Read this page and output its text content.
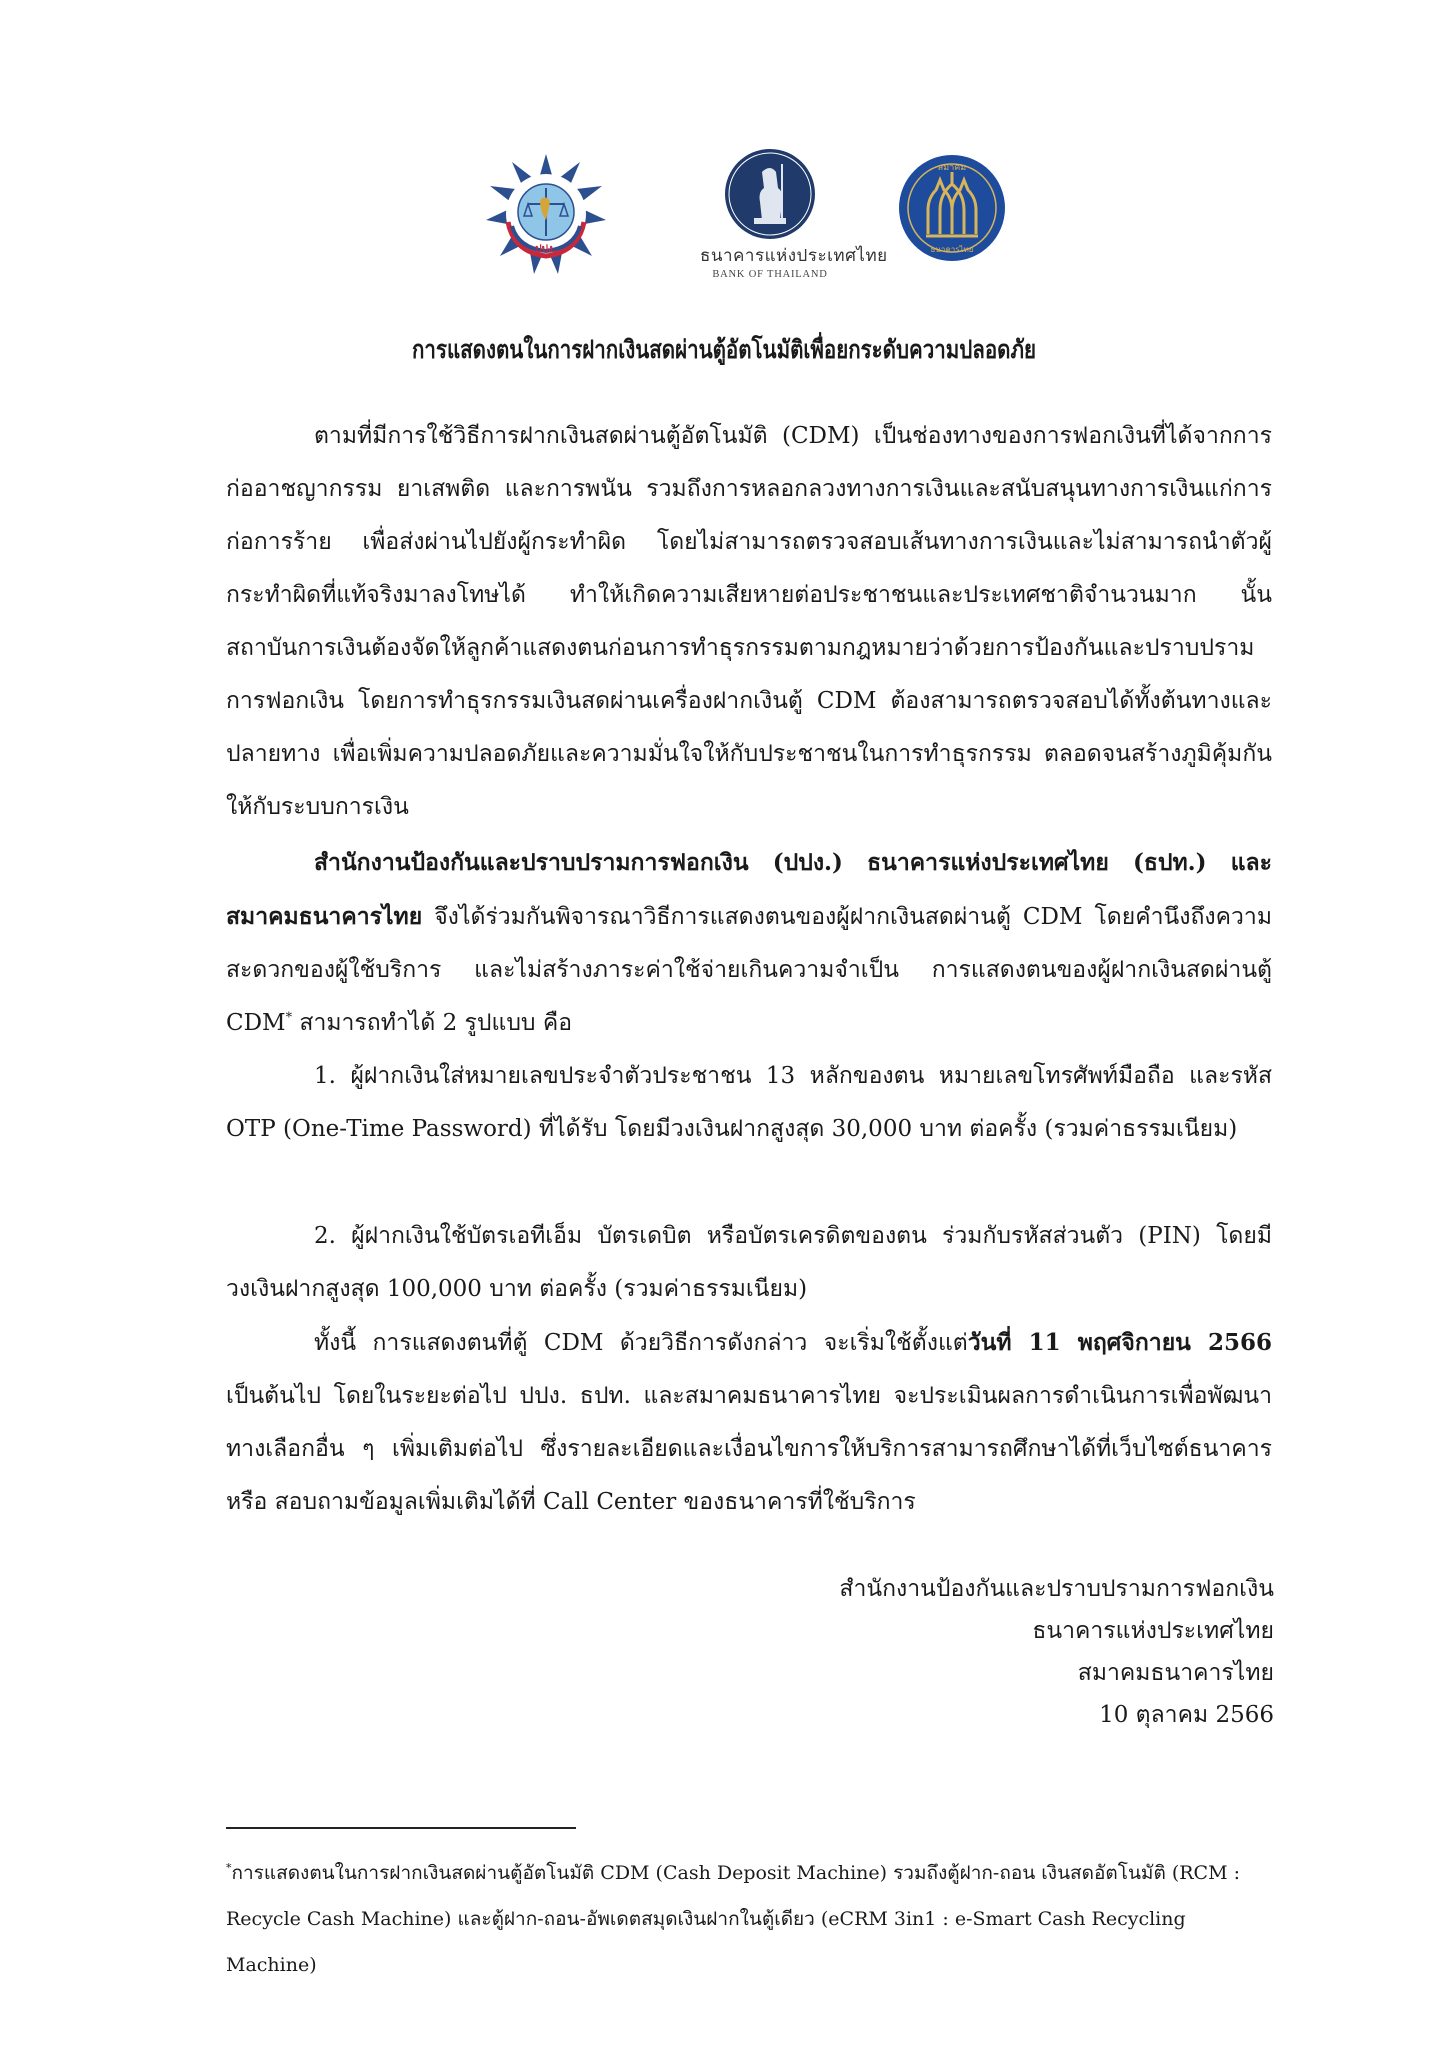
ปปง.	ธนาคารแห่งประเทศไทย
BANK OF THAILAND
สมาคม
ธนาคารไทย
การแสดงตนในการฝากเงินสดผ่านตู้อัตโนมัติเพื่อยกระดับความปลอดภัย

ตามที่มีการใช้วิธีการฝากเงินสดผ่านตู้อัตโนมัติ (CDM) เป็นช่องทางของการฟอกเงินที่ได้จากการก่ออาชญากรรม ยาเสพติด และการพนัน รวมถึงการหลอกลวงทางการเงินและสนับสนุนทางการเงินแก่การก่อการร้าย เพื่อส่งผ่านไปยังผู้กระทำผิด โดยไม่สามารถตรวจสอบเส้นทางการเงินและไม่สามารถนำตัวผู้กระทำผิดที่แท้จริงมาลงโทษได้ ทำให้เกิดความเสียหายต่อประชาชนและประเทศชาติจำนวนมาก นั้น สถาบันการเงินต้องจัดให้ลูกค้าแสดงตนก่อนการทำธุรกรรมตามกฎหมายว่าด้วยการป้องกันและปราบปรามการฟอกเงิน โดยการทำธุรกรรมเงินสดผ่านเครื่องฝากเงินตู้ CDM ต้องสามารถตรวจสอบได้ทั้งต้นทางและปลายทาง เพื่อเพิ่มความปลอดภัยและความมั่นใจให้กับประชาชนในการทำธุรกรรม ตลอดจนสร้างภูมิคุ้มกันให้กับระบบการเงิน

สำนักงานป้องกันและปราบปรามการฟอกเงิน (ปปง.) ธนาคารแห่งประเทศไทย (ธปท.) และ สมาคมธนาคารไทย จึงได้ร่วมกันพิจารณาวิธีการแสดงตนของผู้ฝากเงินสดผ่านตู้ CDM โดยคำนึงถึงความสะดวกของผู้ใช้บริการ และไม่สร้างภาระค่าใช้จ่ายเกินความจำเป็น การแสดงตนของผู้ฝากเงินสดผ่านตู้ CDM* สามารถทำได้ 2 รูปแบบ คือ

1. ผู้ฝากเงินใส่หมายเลขประจำตัวประชาชน 13 หลักของตน หมายเลขโทรศัพท์มือถือ และรหัส OTP (One-Time Password) ที่ได้รับ โดยมีวงเงินฝากสูงสุด 30,000 บาท ต่อครั้ง (รวมค่าธรรมเนียม)

2. ผู้ฝากเงินใช้บัตรเอทีเอ็ม บัตรเดบิต หรือบัตรเครดิตของตน ร่วมกับรหัสส่วนตัว (PIN) โดยมีวงเงินฝากสูงสุด 100,000 บาท ต่อครั้ง (รวมค่าธรรมเนียม)

ทั้งนี้ การแสดงตนที่ตู้ CDM ด้วยวิธีการดังกล่าว จะเริ่มใช้ตั้งแต่วันที่ 11 พฤศจิกายน 2566 เป็นต้นไป โดยในระยะต่อไป ปปง. ธปท. และสมาคมธนาคารไทย จะประเมินผลการดำเนินการเพื่อพัฒนาทางเลือกอื่น ๆ เพิ่มเติมต่อไป ซึ่งรายละเอียดและเงื่อนไขการให้บริการสามารถศึกษาได้ที่เว็บไซต์ธนาคาร หรือ สอบถามข้อมูลเพิ่มเติมได้ที่ Call Center ของธนาคารที่ใช้บริการ

สำนักงานป้องกันและปราบปรามการฟอกเงิน
ธนาคารแห่งประเทศไทย
สมาคมธนาคารไทย
10 ตุลาคม 2566
*การแสดงตนในการฝากเงินสดผ่านตู้อัตโนมัติ CDM (Cash Deposit Machine) รวมถึงตู้ฝาก-ถอน เงินสดอัตโนมัติ (RCM : Recycle Cash Machine) และตู้ฝาก-ถอน-อัพเดตสมุดเงินฝากในตู้เดียว (eCRM 3in1 : e-Smart Cash Recycling Machine)
